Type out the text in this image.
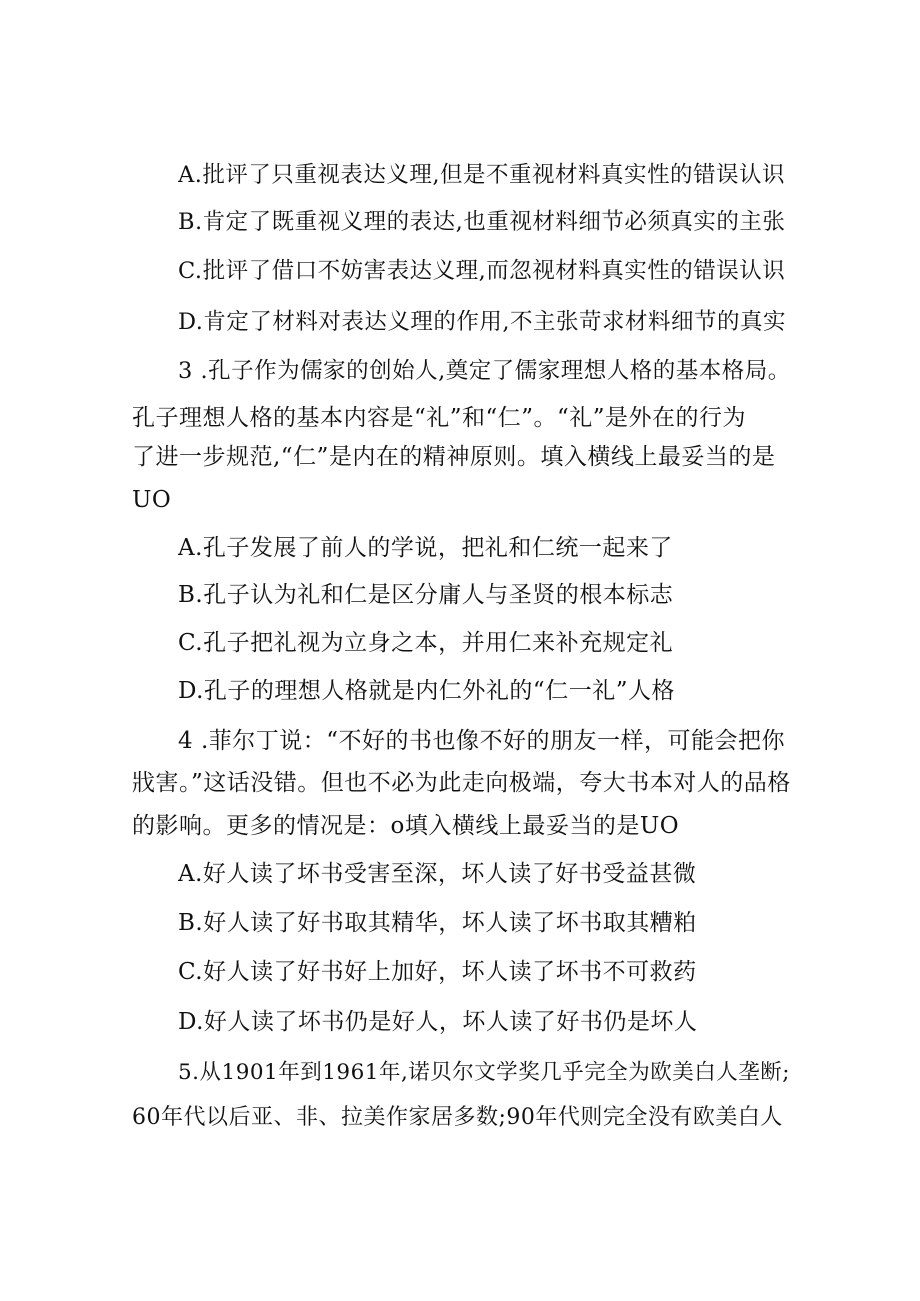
A.批评了只重视表达义理,但是不重视材料真实性的错误认识
B.肯定了既重视义理的表达,也重视材料细节必须真实的主张
C.批评了借口不妨害表达义理,而忽视材料真实性的错误认识
D.肯定了材料对表达义理的作用,不主张苛求材料细节的真实
3 .孔子作为儒家的创始人,奠定了儒家理想人格的基本格局。
孔子理想人格的基本内容是“礼”和“仁”。“礼”是外在的行为
了进一步规范,“仁”是内在的精神原则。填入横线上最妥当的是
UO
A.孔子发展了前人的学说，把礼和仁统一起来了
B.孔子认为礼和仁是区分庸人与圣贤的根本标志
C.孔子把礼视为立身之本，并用仁来补充规定礼
D.孔子的理想人格就是内仁外礼的“仁一礼”人格
4 .菲尔丁说：“不好的书也像不好的朋友一样，可能会把你
戕害。”这话没错。但也不必为此走向极端，夸大书本对人的品格
的影响。更多的情况是：o填入横线上最妥当的是UO
A.好人读了坏书受害至深，坏人读了好书受益甚微
B.好人读了好书取其精华，坏人读了坏书取其糟粕
C.好人读了好书好上加好，坏人读了坏书不可救药
D.好人读了坏书仍是好人，坏人读了好书仍是坏人
5.从1901年到1961年,诺贝尔文学奖几乎完全为欧美白人垄断;
60年代以后亚、非、拉美作家居多数;90年代则完全没有欧美白人
